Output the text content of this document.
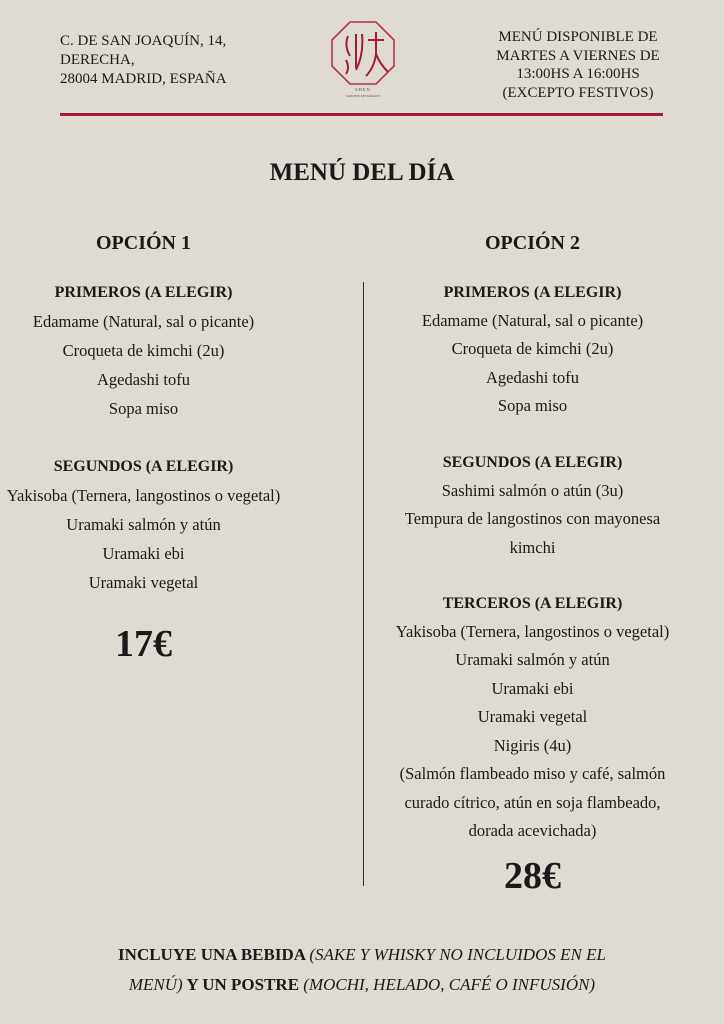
C. DE SAN JOAQUÍN, 14,
DERECHA,
28004 MADRID, ESPAÑA
SHEN
JAPANESE RESTAURANT
MENÚ DISPONIBLE DE
MARTES A VIERNES DE
13:00HS A 16:00HS
(EXCEPTO FESTIVOS)
MENÚ DEL DÍA
OPCIÓN 1
PRIMEROS (A ELEGIR)
Edamame (Natural, sal o picante)
Croqueta de kimchi (2u)
Agedashi tofu
Sopa miso
SEGUNDOS (A ELEGIR)
Yakisoba (Ternera, langostinos o vegetal)
Uramaki salmón y atún
Uramaki ebi
Uramaki vegetal
17€
OPCIÓN 2
PRIMEROS (A ELEGIR)
Edamame (Natural, sal o picante)
Croqueta de kimchi (2u)
Agedashi tofu
Sopa miso
SEGUNDOS (A ELEGIR)
Sashimi salmón o atún (3u)
Tempura de langostinos con mayonesa
kimchi
TERCEROS (A ELEGIR)
Yakisoba (Ternera, langostinos o vegetal)
Uramaki salmón y atún
Uramaki ebi
Uramaki vegetal
Nigiris (4u)
(Salmón flambeado miso y café, salmón
curado cítrico, atún en soja flambeado,
dorada acevichada)
28€
INCLUYE UNA BEBIDA (SAKE Y WHISKY NO INCLUIDOS EN EL
MENÚ) Y UN POSTRE (MOCHI, HELADO, CAFÉ O INFUSIÓN)
